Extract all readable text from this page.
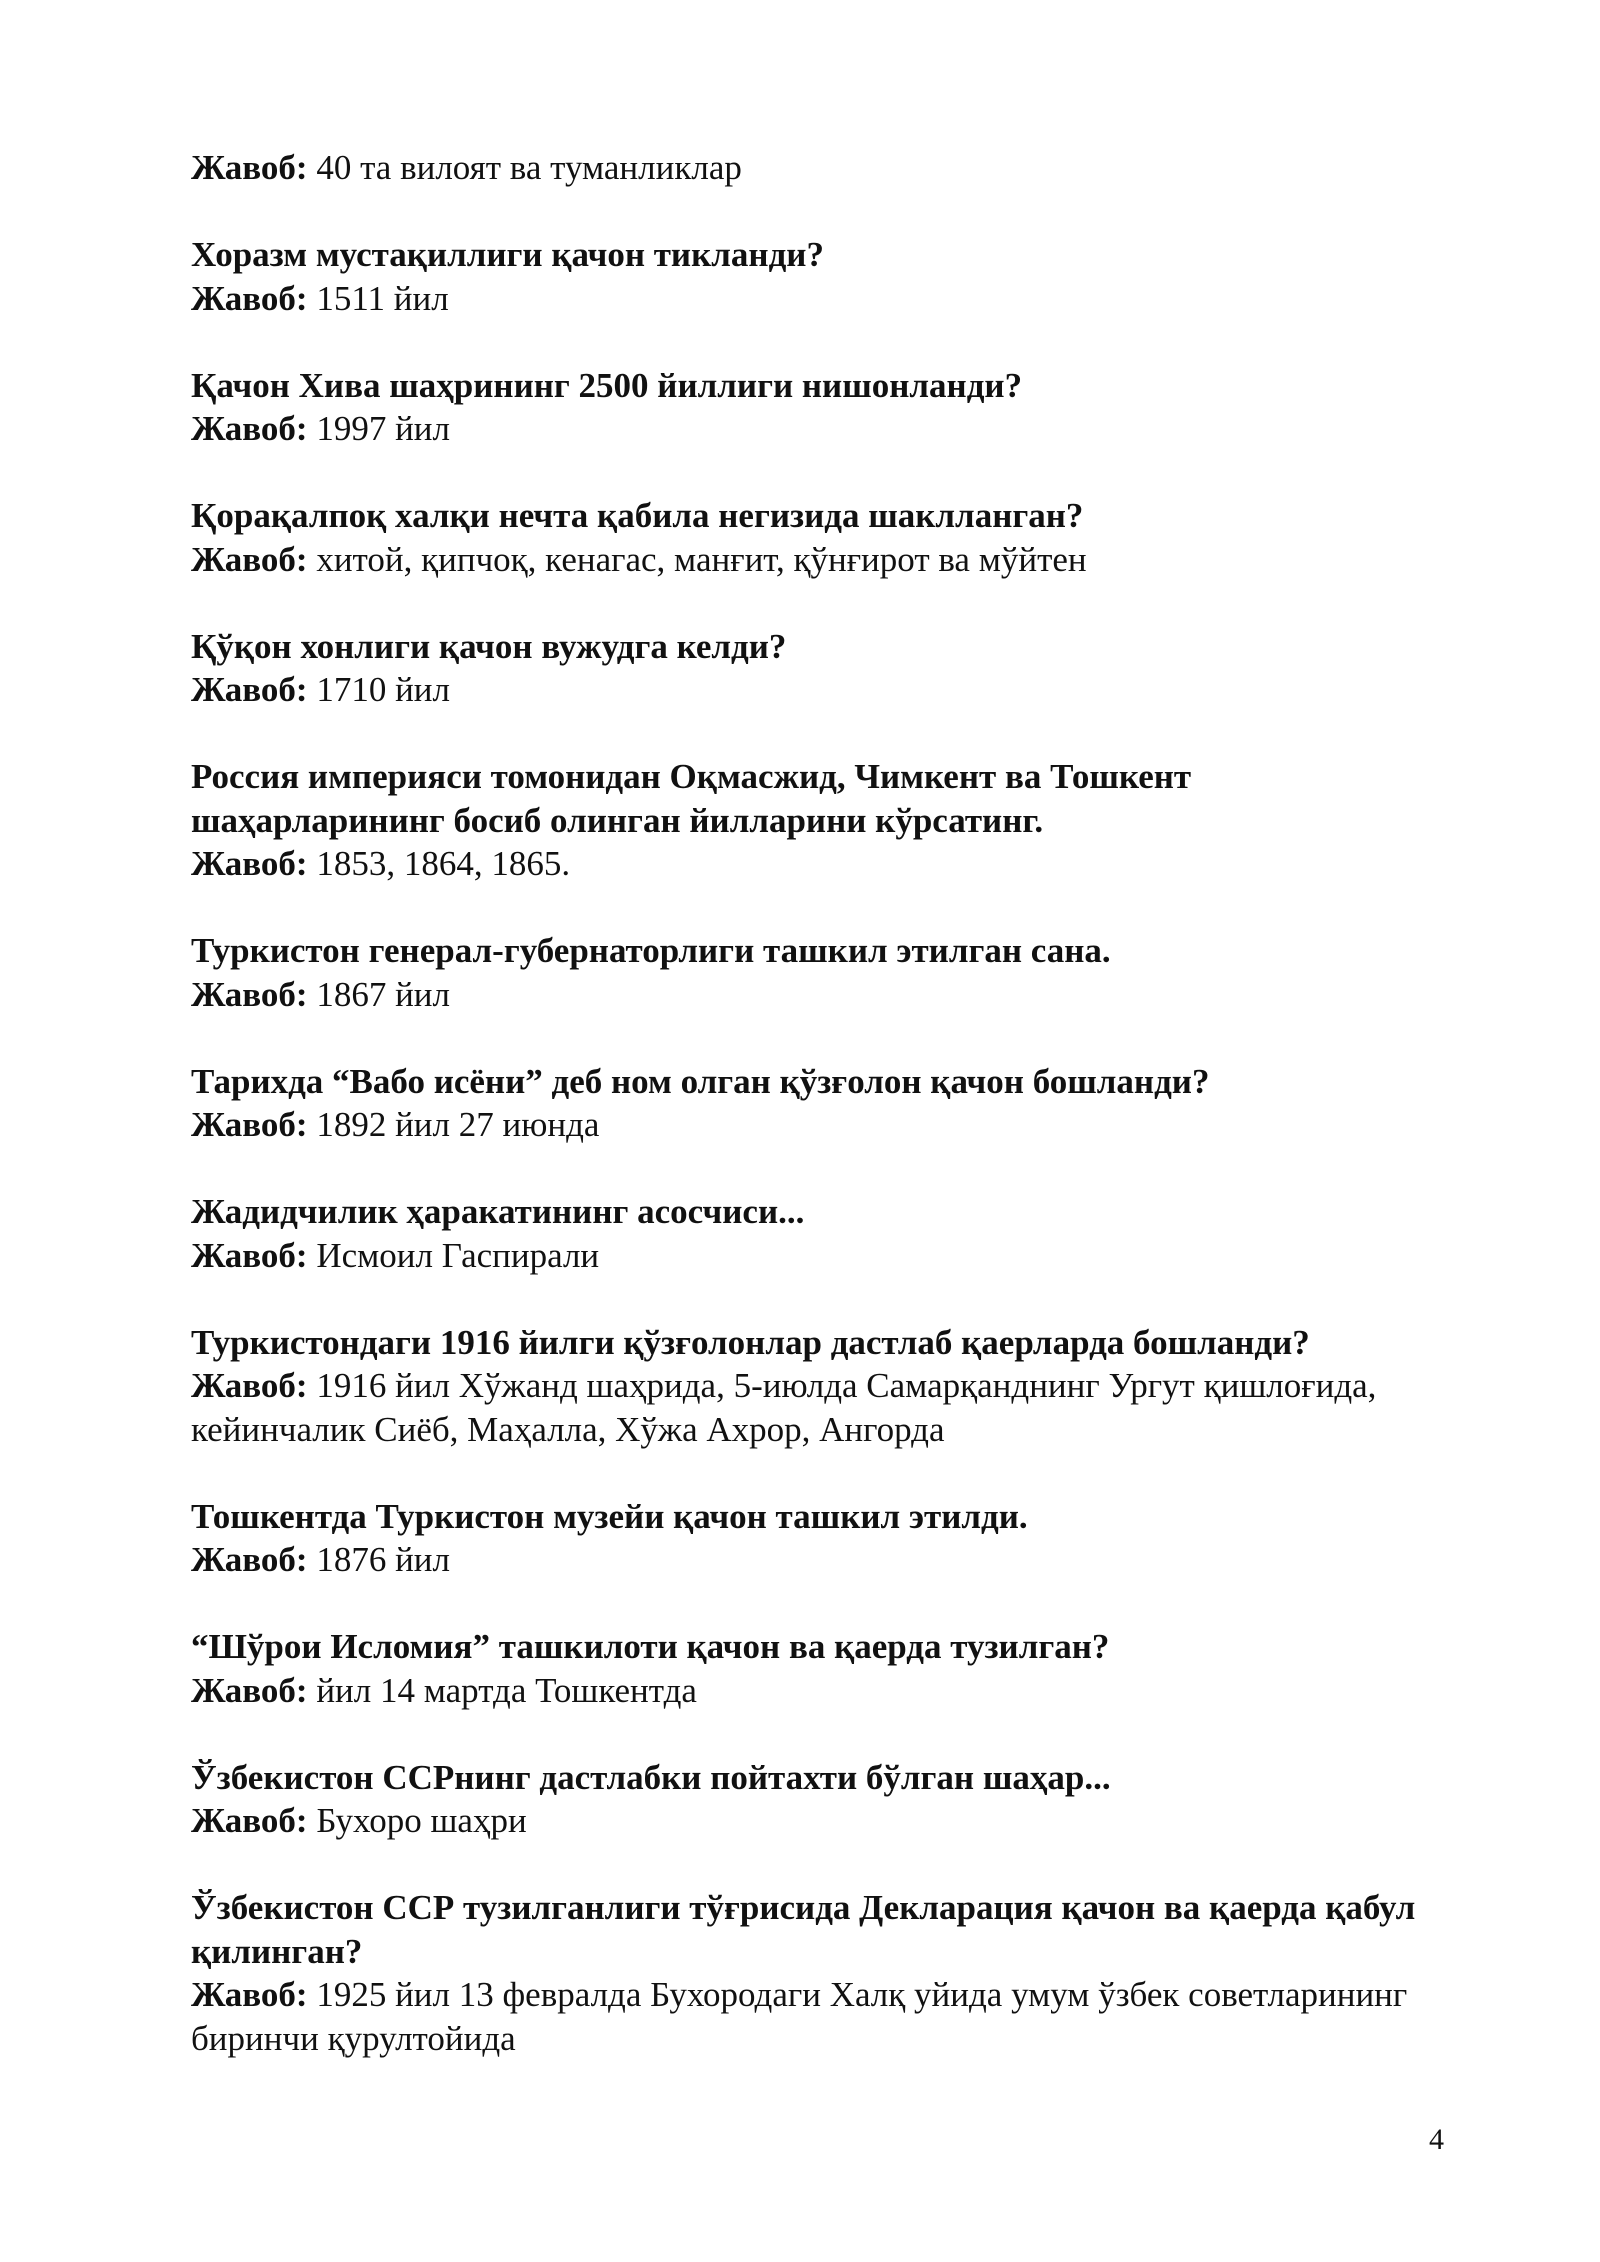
Жавоб: 40 та вилоят ва туманликлар

Хоразм мустақиллиги қачон тикланди?

Жавоб: 1511 йил

Қачон Хива шаҳрининг 2500 йиллиги нишонланди?

Жавоб: 1997 йил

Қорақалпоқ халқи нечта қабила негизида шаклланган?

Жавоб: хитой, қипчоқ, кенагас, манғит, қўнғирот ва мўйтен

Қўқон хонлиги қачон вужудга келди?

Жавоб: 1710 йил

Россия империяси томонидан Оқмасжид, Чимкент ва Тошкент шаҳарларининг босиб олинган йилларини кўрсатинг.

Жавоб: 1853, 1864, 1865.

Туркистон генерал-губернаторлиги ташкил этилган сана.

Жавоб: 1867 йил

Тарихда “Вабо исёни” деб ном олган қўзғолон қачон бошланди?

Жавоб: 1892 йил 27 июнда

Жадидчилик ҳаракатининг асосчиси...

Жавоб: Исмоил Гаспирали

Туркистондаги 1916 йилги қўзғолонлар дастлаб қаерларда бошланди?

Жавоб: 1916 йил Хўжанд шаҳрида, 5-июлда Самарқанднинг Ургут қишлоғида, кейинчалик Сиёб, Маҳалла, Хўжа Ахрор, Ангорда

Тошкентда Туркистон музейи қачон ташкил этилди.

Жавоб: 1876 йил

“Шўрои Исломия” ташкилоти қачон ва қаерда тузилган?

Жавоб: йил 14 мартда Тошкентда

Ўзбекистон ССРнинг дастлабки пойтахти бўлган шаҳар...

Жавоб: Бухоро шаҳри

Ўзбекистон ССР тузилганлиги тўғрисида Декларация қачон ва қаерда қабул қилинган?

Жавоб: 1925 йил 13 февралда Бухородаги Халқ уйида умум ўзбек советларининг биринчи қурултойида

4
